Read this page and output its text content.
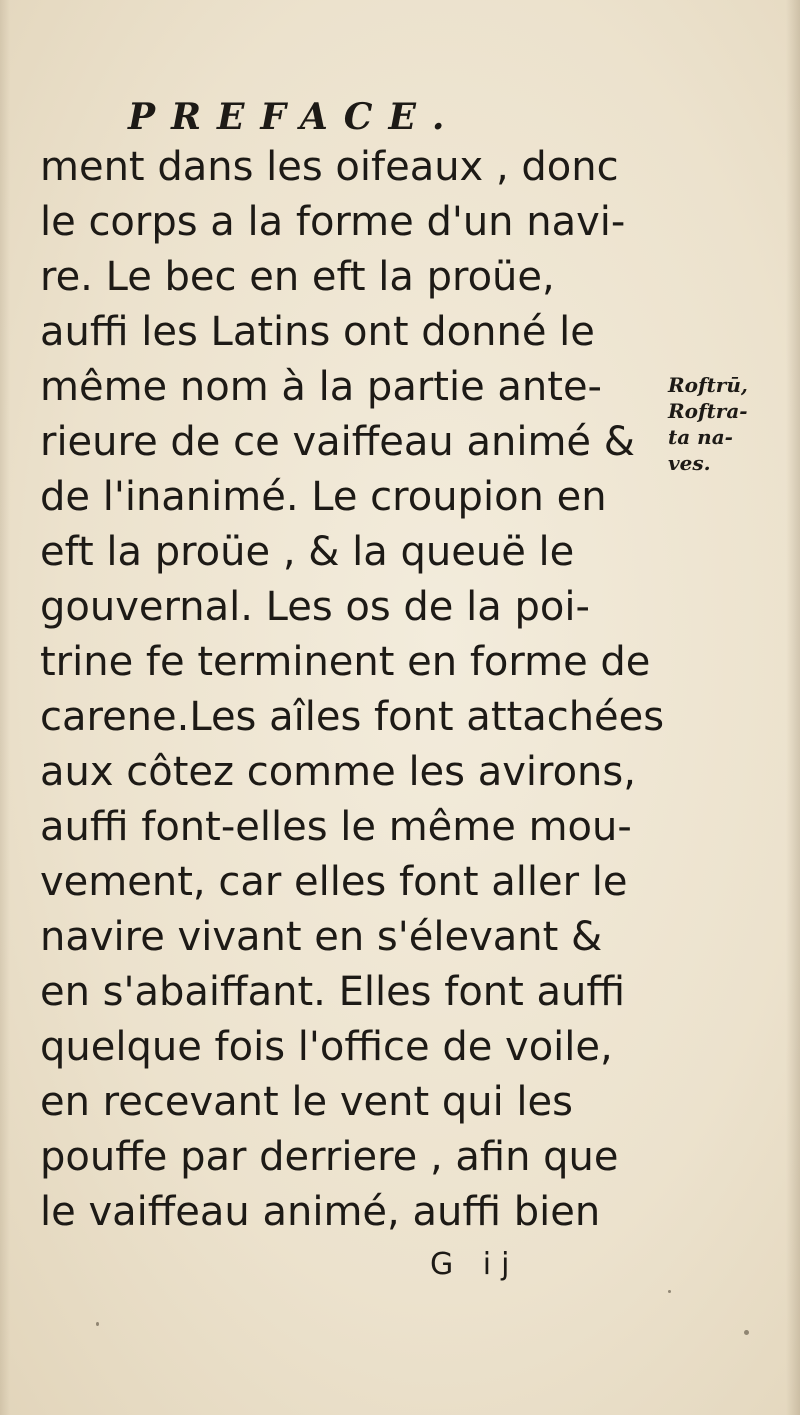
PREFACE.
ment dans les oifeaux , donc
le corps a la forme d'un navi-
re. Le bec en eft la proüe,
auffi les Latins ont donné le
même nom à la partie ante-
rieure de ce vaiffeau animé &
de l'inanimé. Le croupion en
eft la proüe , & la queuë le
gouvernal. Les os de la poi-
trine fe terminent en forme de
carene.Les aîles font attachées
aux côtez comme les avirons,
auffi font-elles le même mou-
vement, car elles font aller le
navire vivant en s'élevant &
en s'abaiffant. Elles font auffi
quelque fois l'office de voile,
en recevant le vent qui les
pouffe par derriere , afin que
le vaiffeau animé, auffi bien
Roftrū,
Roftra-
ta na-
ves.
G ij
